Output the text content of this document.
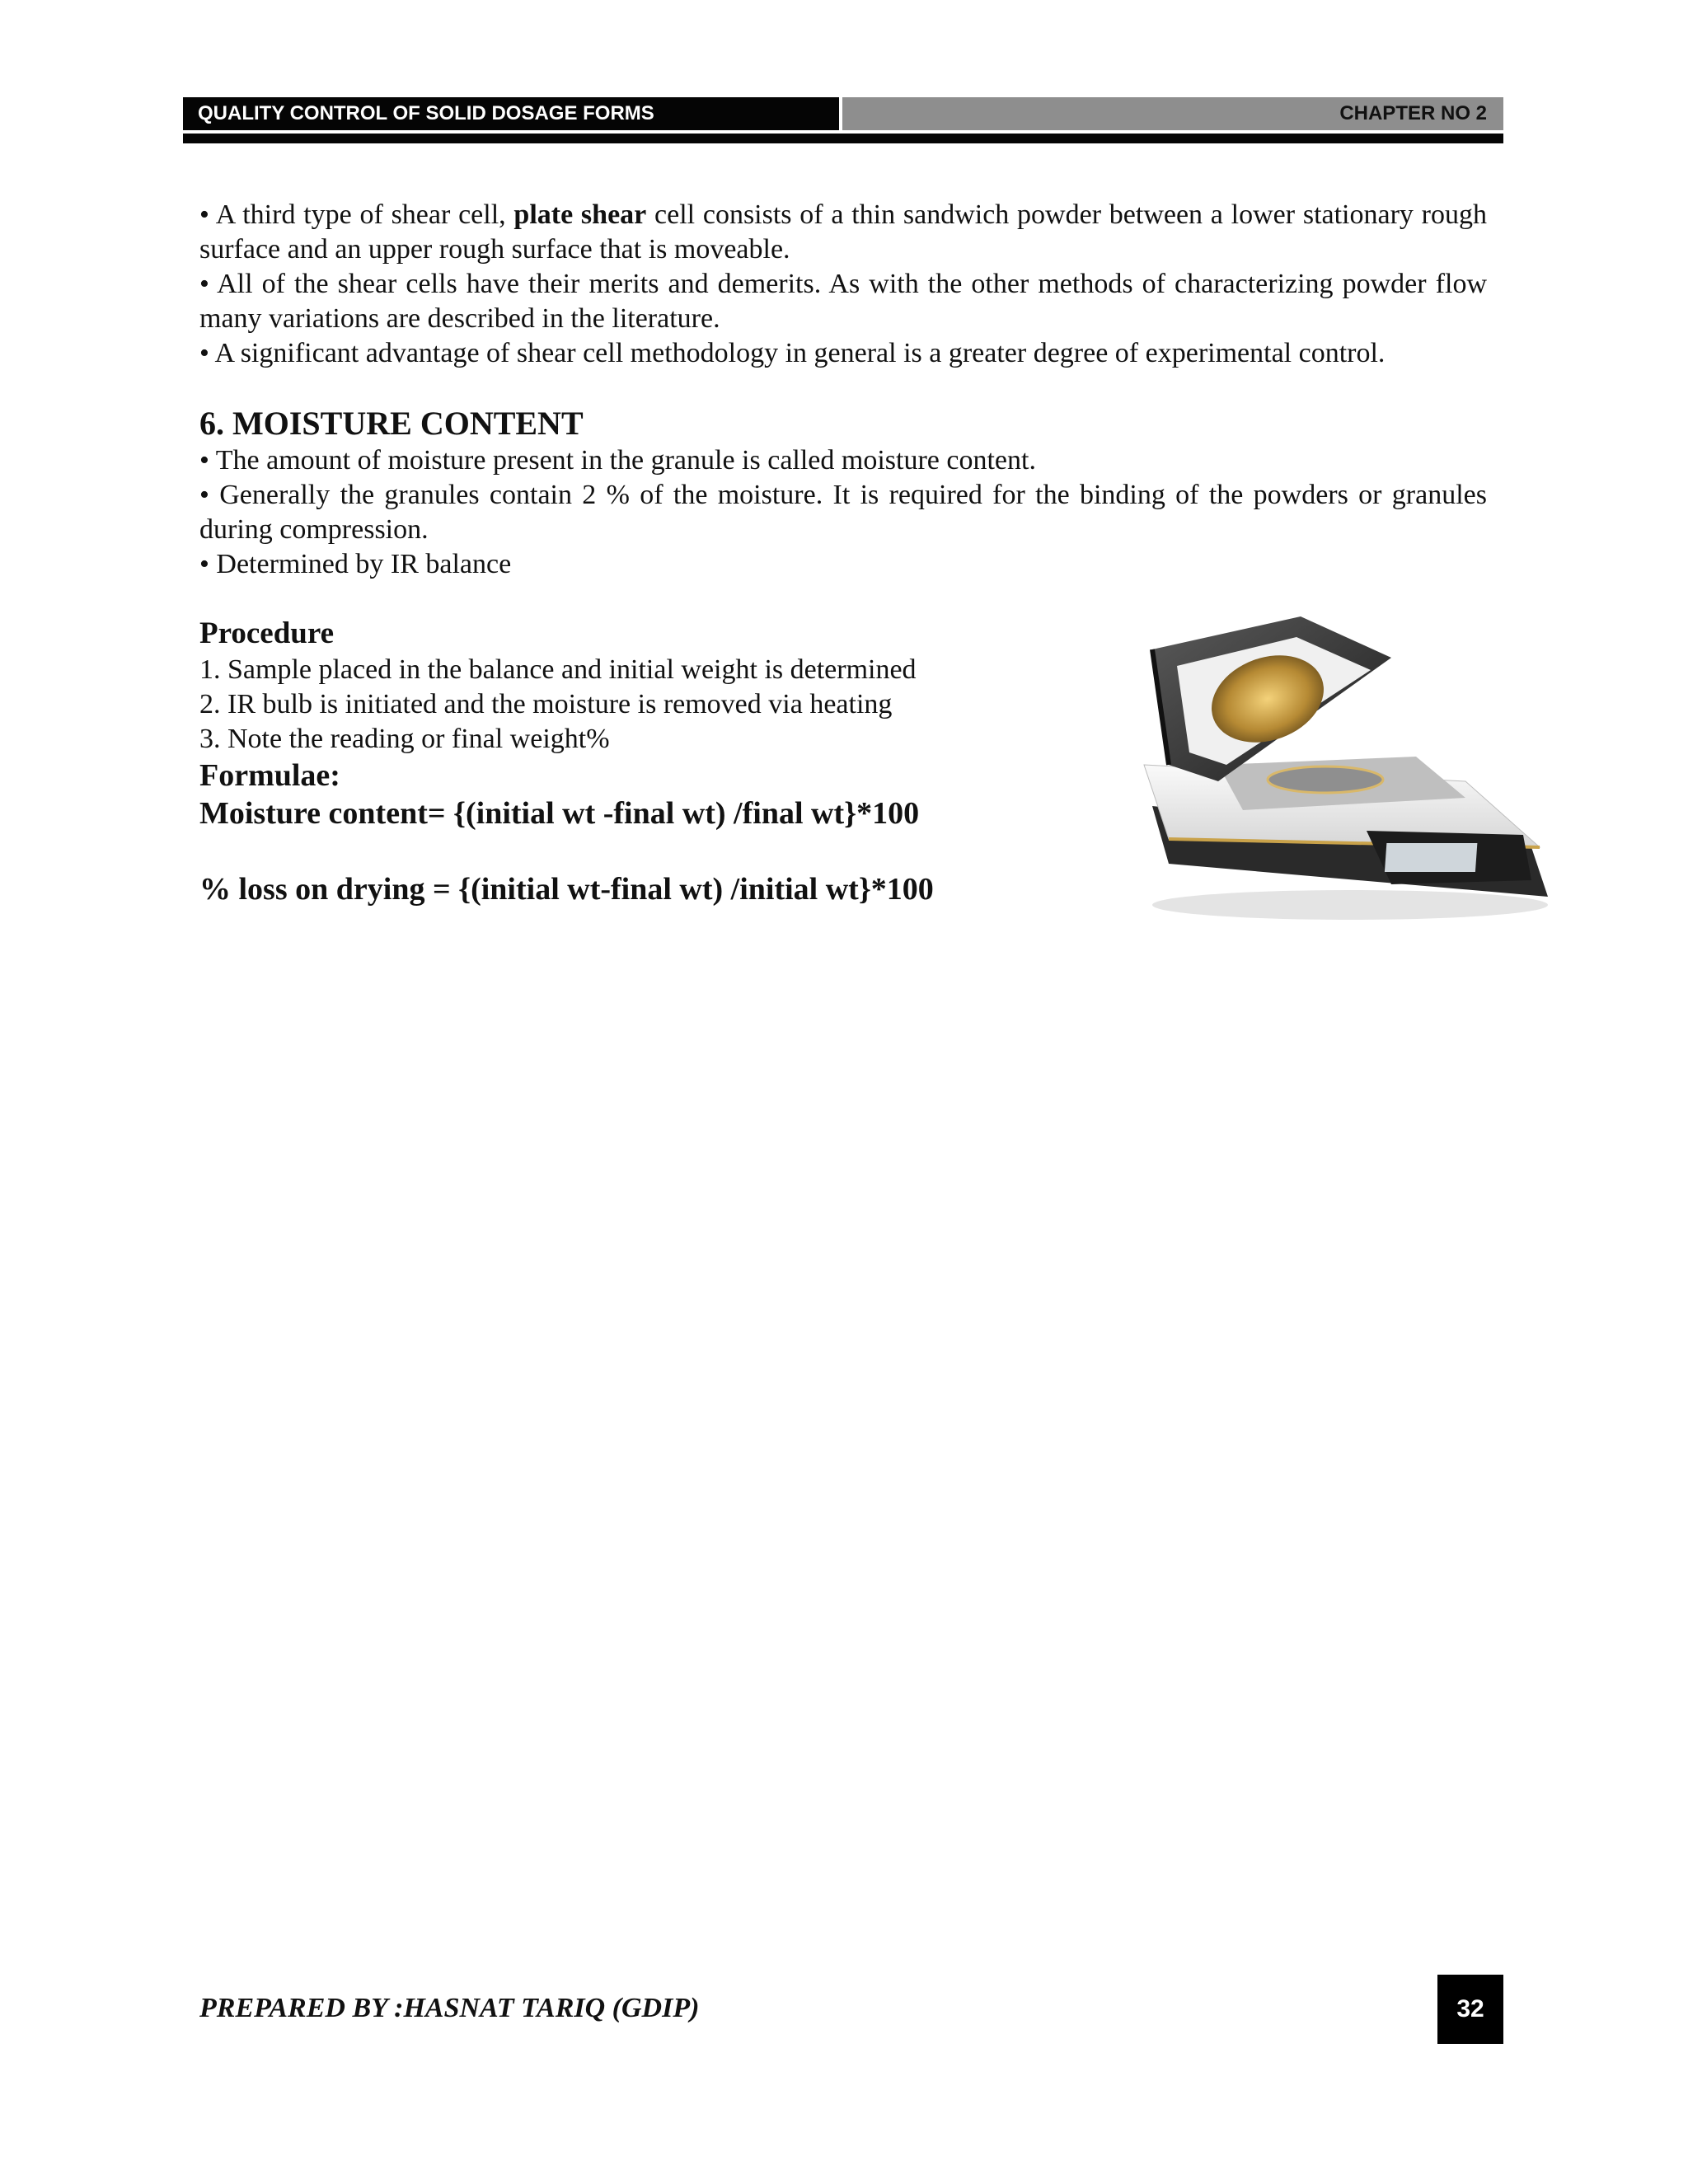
QUALITY CONTROL OF SOLID DOSAGE FORMS	CHAPTER NO 2

• A third type of shear cell, plate shear cell consists of a thin sandwich powder between a lower stationary rough surface and an upper rough surface that is moveable.

• All of the shear cells have their merits and demerits. As with the other methods of characterizing powder flow many variations are described in the literature.

• A significant advantage of shear cell methodology in general is a greater degree of experimental control.

6. MOISTURE CONTENT

• The amount of moisture present in the granule is called moisture content.

• Generally the granules contain 2 % of the moisture. It is required for the binding of the powders or granules during compression.

• Determined by IR balance

Procedure

1. Sample placed in the balance and initial weight is determined

2. IR bulb is initiated and the moisture is removed via heating

3. Note the reading or final weight%

Formulae:

Moisture content= {(initial wt -final wt) /final wt}*100

% loss on drying = {(initial wt-final wt) /initial wt}*100

PREPARED BY :HASNAT TARIQ (GDIP)	32
